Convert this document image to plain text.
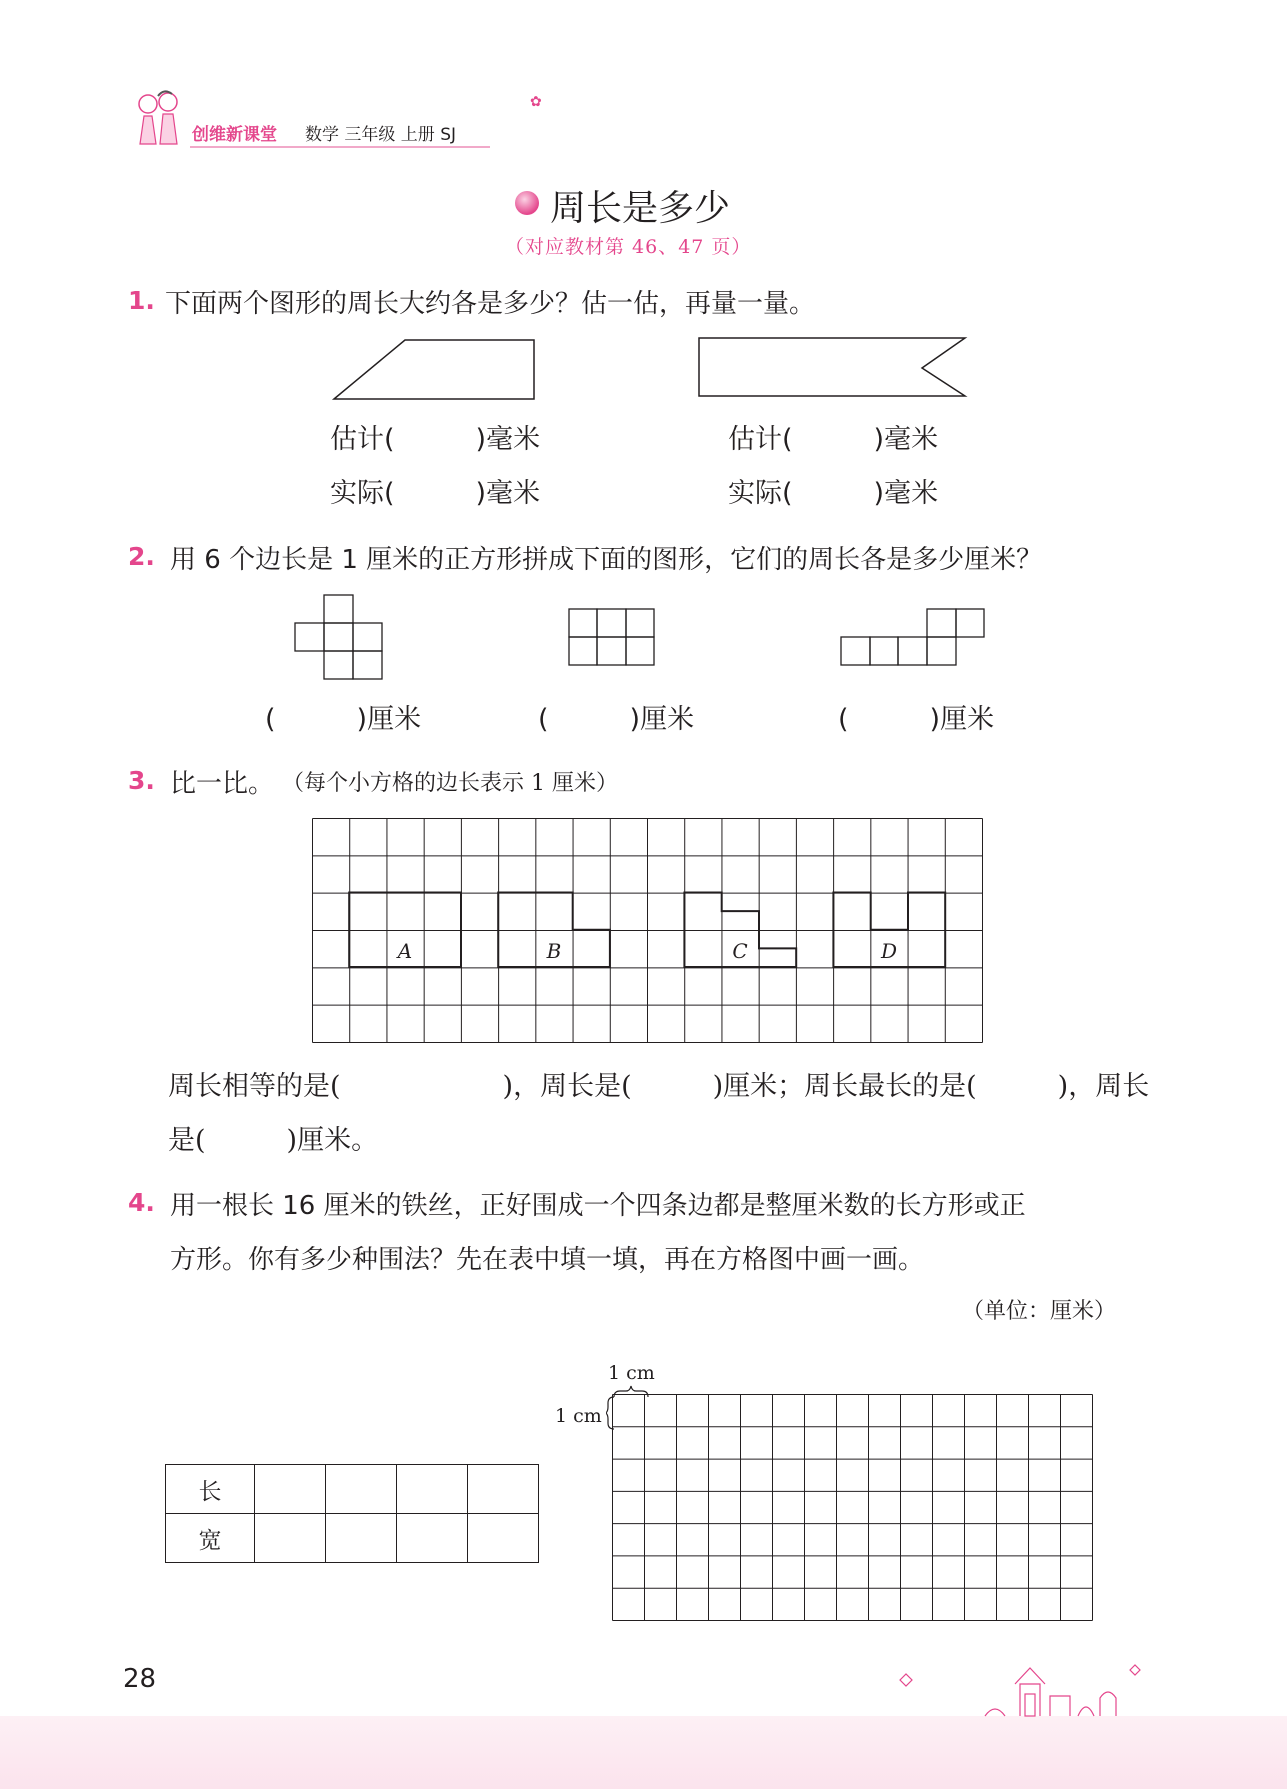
创维新课堂 数学 三年级 上册 SJ
✿
周长是多少
（对应教材第 46、47 页）
1. 下面两个图形的周长大约各是多少？估一估，再量一量。
估计(　　　)毫米
实际(　　　)毫米
估计(　　　)毫米
实际(　　　)毫米
2. 用 6 个边长是 1 厘米的正方形拼成下面的图形，它们的周长各是多少厘米？
(　　　)厘米	(　　　)厘米	(　　　)厘米
3. 比一比。 （每个小方格的边长表示 1 厘米）
A	B	C	D
周长相等的是(　　　　　　)，周长是(　　　)厘米；周长最长的是(　　　)，周长
是(　　　)厘米。
4. 用一根长 16 厘米的铁丝，正好围成一个四条边都是整厘米数的长方形或正
方形。你有多少种围法？先在表中填一填，再在方格图中画一画。
（单位：厘米）
长				
宽				
1 cm
1 cm
28
